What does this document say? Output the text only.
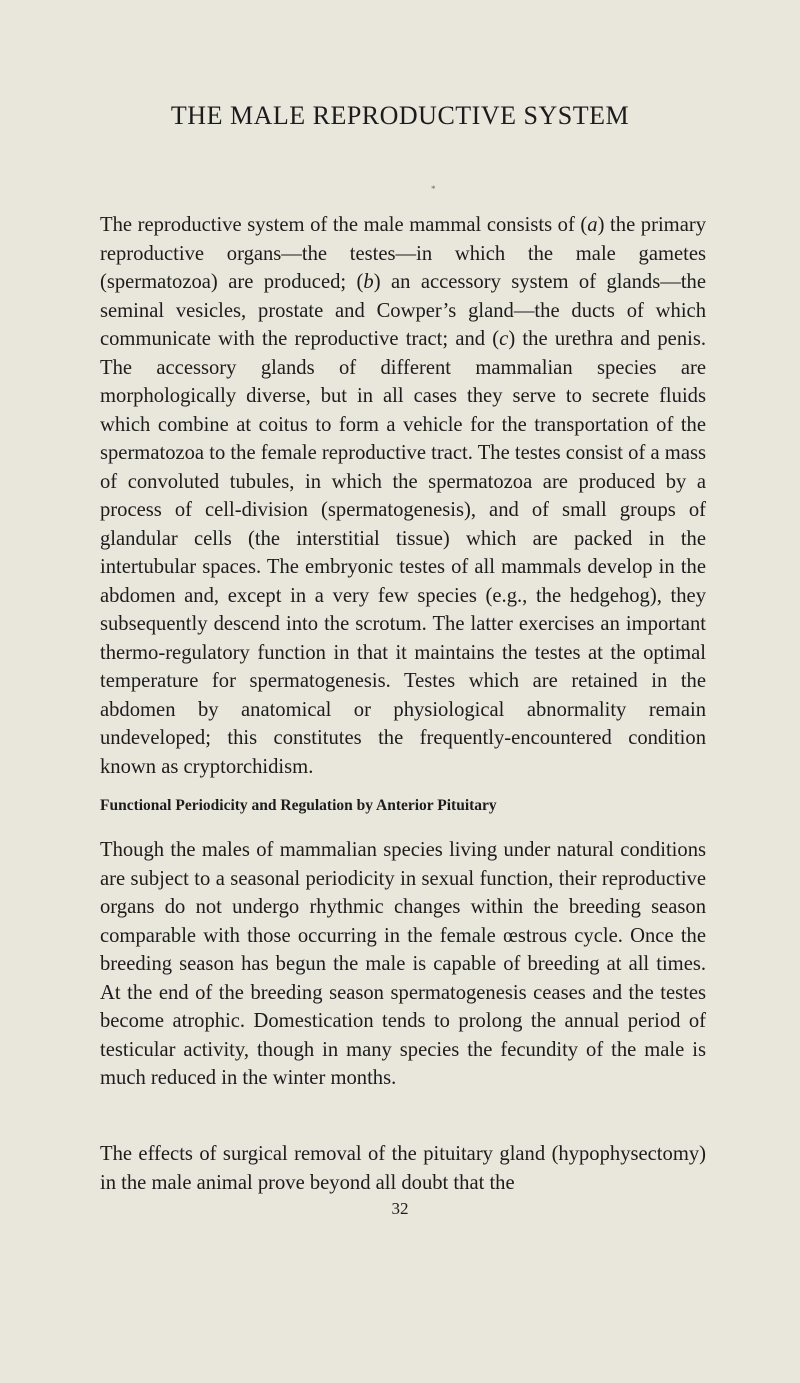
THE MALE REPRODUCTIVE SYSTEM
*

The reproductive system of the male mammal consists of (a) the primary reproductive organs—the testes—in which the male gametes (spermatozoa) are produced; (b) an accessory system of glands—the seminal vesicles, prostate and Cowper’s gland—the ducts of which communicate with the reproductive tract; and (c) the urethra and penis. The accessory glands of different mammalian species are morphologically diverse, but in all cases they serve to secrete fluids which combine at coitus to form a vehicle for the transportation of the spermatozoa to the female reproductive tract. The testes consist of a mass of convoluted tubules, in which the spermatozoa are produced by a process of cell-division (spermatogenesis), and of small groups of glandular cells (the interstitial tissue) which are packed in the intertubular spaces. The embryonic testes of all mammals develop in the abdomen and, except in a very few species (e.g., the hedgehog), they subsequently descend into the scrotum. The latter exercises an important thermo-regulatory function in that it maintains the testes at the optimal temperature for spermatogenesis. Testes which are retained in the abdomen by anatomical or physiological abnormality remain undeveloped; this constitutes the frequently-encountered condition known as cryptorchidism.

Functional Periodicity and Regulation by Anterior Pituitary

Though the males of mammalian species living under natural conditions are subject to a seasonal periodicity in sexual function, their reproductive organs do not undergo rhythmic changes within the breeding season comparable with those occurring in the female œstrous cycle. Once the breeding season has begun the male is capable of breeding at all times. At the end of the breeding season spermatogenesis ceases and the testes become atrophic. Domestication tends to prolong the annual period of testicular activity, though in many species the fecundity of the male is much reduced in the winter months.

The effects of surgical removal of the pituitary gland (hypophysectomy) in the male animal prove beyond all doubt that the

32
